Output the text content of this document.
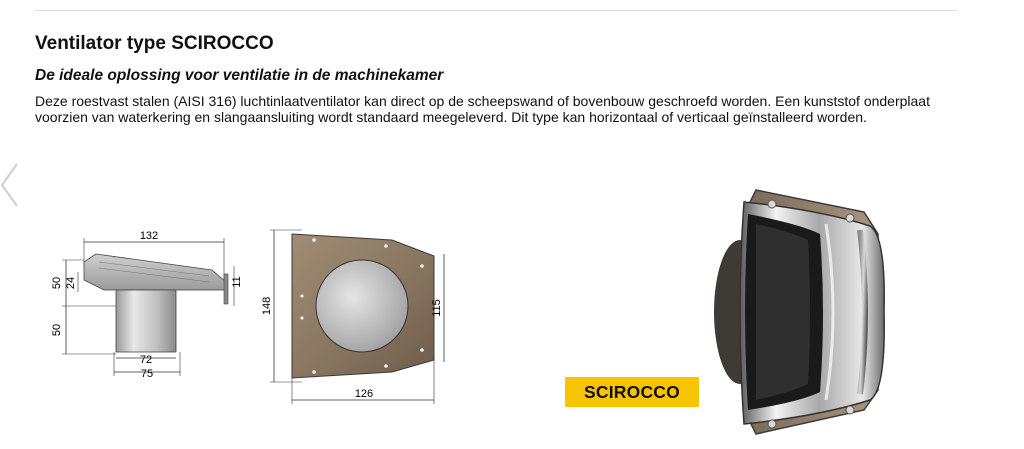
Ventilator type SCIROCCO
De ideale oplossing voor ventilatie in de machinekamer

Deze roestvast stalen (AISI 316) luchtinlaatventilator kan direct op de scheepswand of bovenbouw geschroefd worden. Een kunststof onderplaat voorzien van waterkering en slangaansluiting wordt standaard meegeleverd. Dit type kan horizontaal of verticaal geïnstalleerd worden.

132
50 24
50
11
72
75
148	115
126	SCIROCCO
